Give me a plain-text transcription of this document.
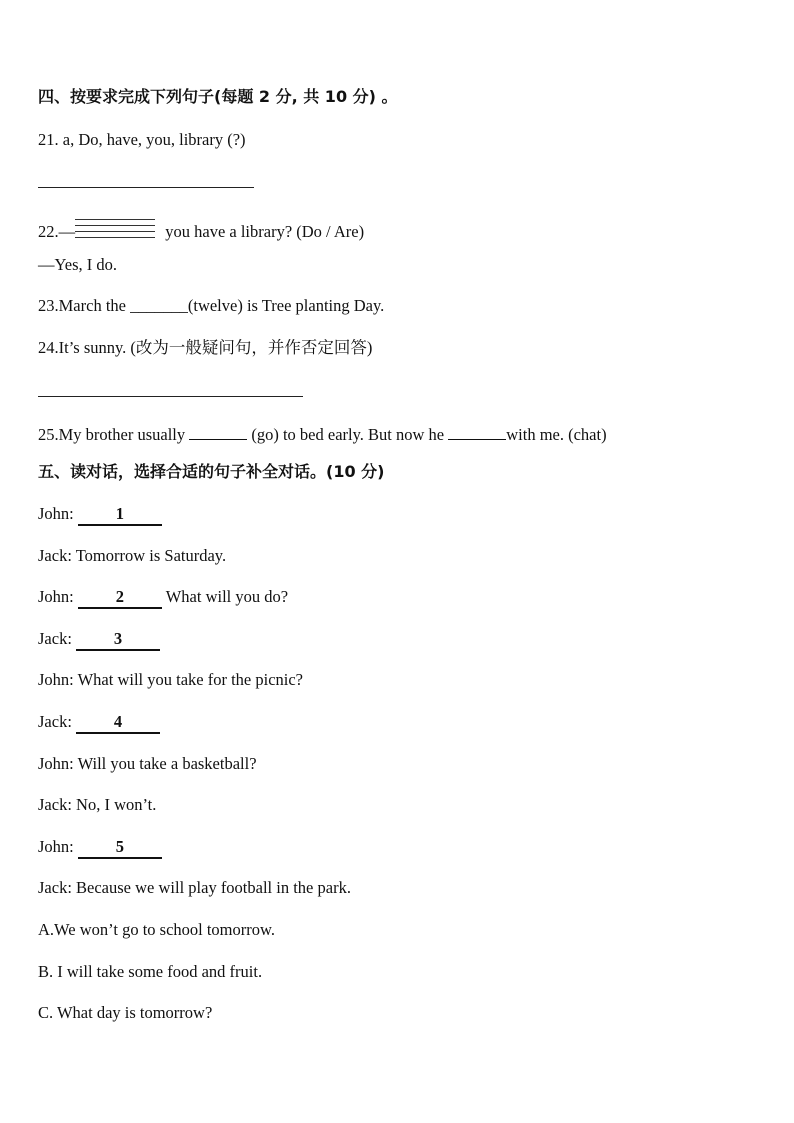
四、按要求完成下列句子(每题 2 分, 共 10 分) 。
21. a, Do, have, you, library (?)
22.—	you have a library? (Do / Are)
—Yes, I do.
23.March the _______(twelve) is Tree planting Day.
24.It’s sunny. (改为一般疑问句，并作否定回答)
25.My brother usually	(go) to bed early. But now he	with me. (chat)
五、读对话，选择合适的句子补全对话。(10 分)
John: 1
Jack: Tomorrow is Saturday.
John: 2 What will you do?
Jack: 3
John: What will you take for the picnic?
Jack: 4
John: Will you take a basketball?
Jack: No, I won’t.
John: 5
Jack: Because we will play football in the park.
A.We won’t go to school tomorrow.
B. I will take some food and fruit.
C. What day is tomorrow?
